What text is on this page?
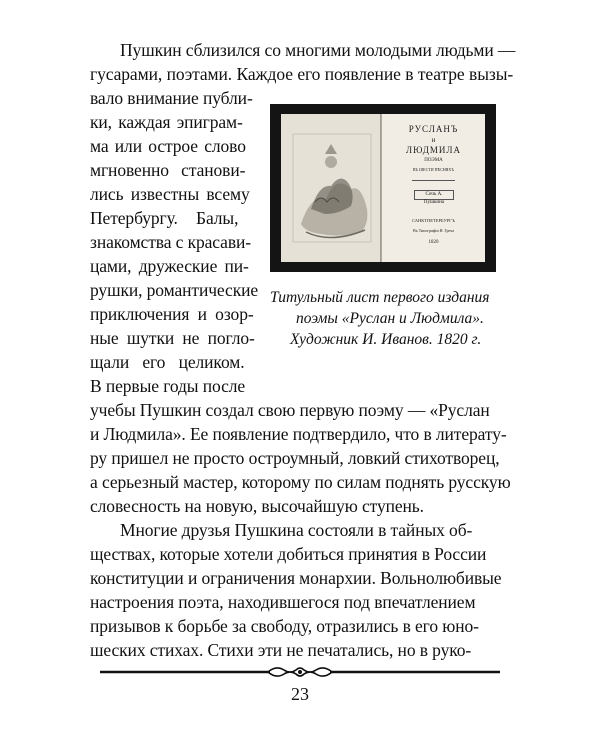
Пушкин сблизился со многими молодыми людьми —
гусарами, поэтами. Каждое его появление в театре вызы-
вало внимание публи-
ки, каждая эпиграм-
ма или острое слово
мгновенно станови-
лись известны всему
Петербургу. Балы,
знакомства с красави-
цами, дружеские пи-
рушки, романтические
приключения и озор-
ные шутки не погло-
щали его целиком.
В первые годы после
учебы Пушкин создал свою первую поэму — «Руслан
и Людмила». Ее появление подтвердило, что в литерату-
ру пришел не просто остроумный, ловкий стихотворец,
а серьезный мастер, которому по силам поднять русскую
словесность на новую, высочайшую ступень.
Многие друзья Пушкина состояли в тайных об-
ществах, которые хотели добиться принятия в России
конституции и ограничения монархии. Вольнолюбивые
настроения поэта, находившегося под впечатлением
призывов к борьбе за свободу, отразились в его юно-
шеских стихах. Стихи эти не печатались, но в руко-
РУСЛАНЪ
и
ЛЮДМИЛА
ПОЭМА
ВЪ ШЕСТИ ПѢСНЯХЪ
Сочъ А. Пушкина
САНКТПЕТЕРБУРГЪ
Въ Типографiи Н. Греча
1820
Титульный лист первого издания
поэмы «Руслан и Людмила».
Художник И. Иванов. 1820 г.
23
